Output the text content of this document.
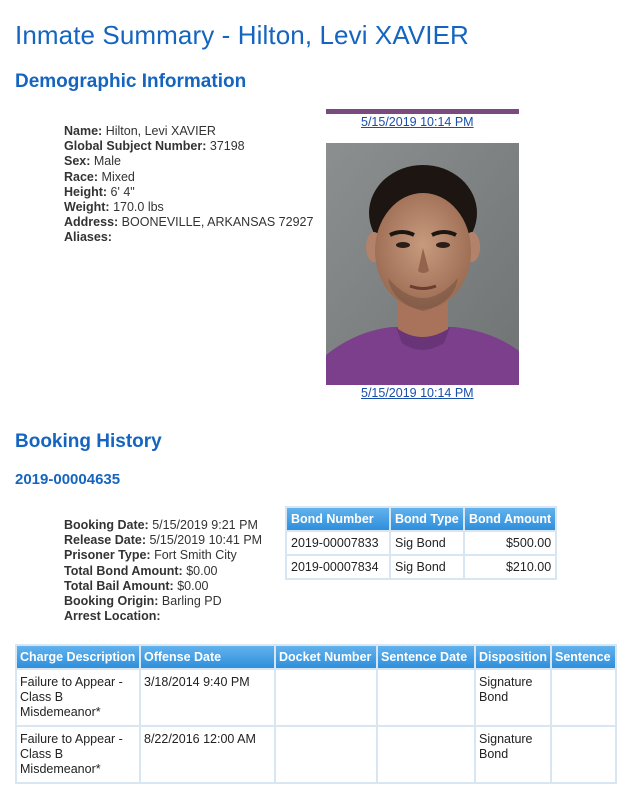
Inmate Summary - Hilton, Levi XAVIER
Demographic Information
Name: Hilton, Levi XAVIER
Global Subject Number: 37198
Sex: Male
Race: Mixed
Height: 6' 4"
Weight: 170.0 lbs
Address: BOONEVILLE, ARKANSAS 72927
Aliases:
5/15/2019 10:14 PM
5/15/2019 10:14 PM
Booking History
2019-00004635
Booking Date: 5/15/2019 9:21 PM
Release Date: 5/15/2019 10:41 PM
Prisoner Type: Fort Smith City
Total Bond Amount: $0.00
Total Bail Amount: $0.00
Booking Origin: Barling PD
Arrest Location:
Bond Number	Bond Type	Bond Amount
2019-00007833	Sig Bond	$500.00
2019-00007834	Sig Bond	$210.00
Charge Description	Offense Date	Docket Number	Sentence Date	Disposition	Sentence
Failure to Appear - Class B Misdemeanor*	3/18/2014 9:40 PM			Signature Bond	
Failure to Appear - Class B Misdemeanor*	8/22/2016 12:00 AM			Signature Bond	
